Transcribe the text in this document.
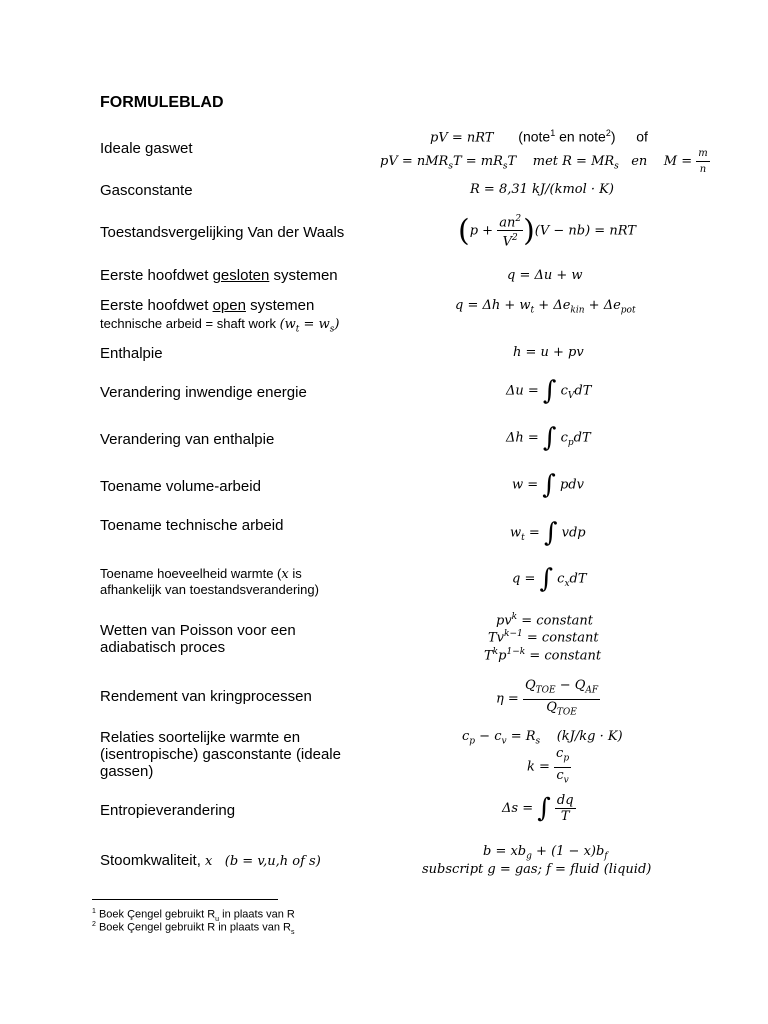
FORMULEBLAD
Ideale gaswet
Gasconstante
Toestandsvergelijking Van der Waals
Eerste hoofdwet gesloten systemen
Eerste hoofdwet open systemen
technische arbeid = shaft work $(w_t = w_s)$
Enthalpie
Verandering inwendige energie
Verandering van enthalpie
Toename volume-arbeid
Toename technische arbeid
Toename hoeveelheid warmte (x is
afhankelijk van toestandsverandering)
Wetten van Poisson voor een
adiabatisch proces
Rendement van kringprocessen
Relaties soortelijke warmte en
(isentropische) gasconstante (ideale
gassen)
Entropieverandering
Stoomkwaliteit, x   (b = v,u,h of s)
pV = nRT (note$^1$ en note$^2$) of
pV = $nMR_sT = mR_sT$    met $R = MR_s$   en    $M = \frac{m}{n}$
R = 8,31 kJ/(kmol · K)
$(p + \frac{an^2}{V^2} )(V - nb)$ = nRT
q = Δu + w
$q = \Delta h + w_t + \Delta e_{kin} + \Delta e_{pot}$
h = u + pv
Δu = ∫ $c_VdT$
Δh = ∫ $c_pdT$
w = ∫ pdv
$w_t$ = ∫ vdp
q = ∫ $c_xdT$
$pv^k$ = constant
$Tv^{k-1}$ = constant
$T^kp^{1-k}$ = constant
$\eta = \frac{Q_{TOE} - Q_{AF}}{Q_{TOE}}$
$c_p - c_v = R_s$    (kJ/kg · K)
$k = \frac{c_p}{c_v}$
Δs = ∫ $\frac{dq}{T}$
$b = xb_g + (1 - x)b_f$
subscript g = gas; f = fluid (liquid)
$^1$ Boek Çengel gebruikt $R_u$ in plaats van R
$^2$ Boek Çengel gebruikt R in plaats van $R_s$
